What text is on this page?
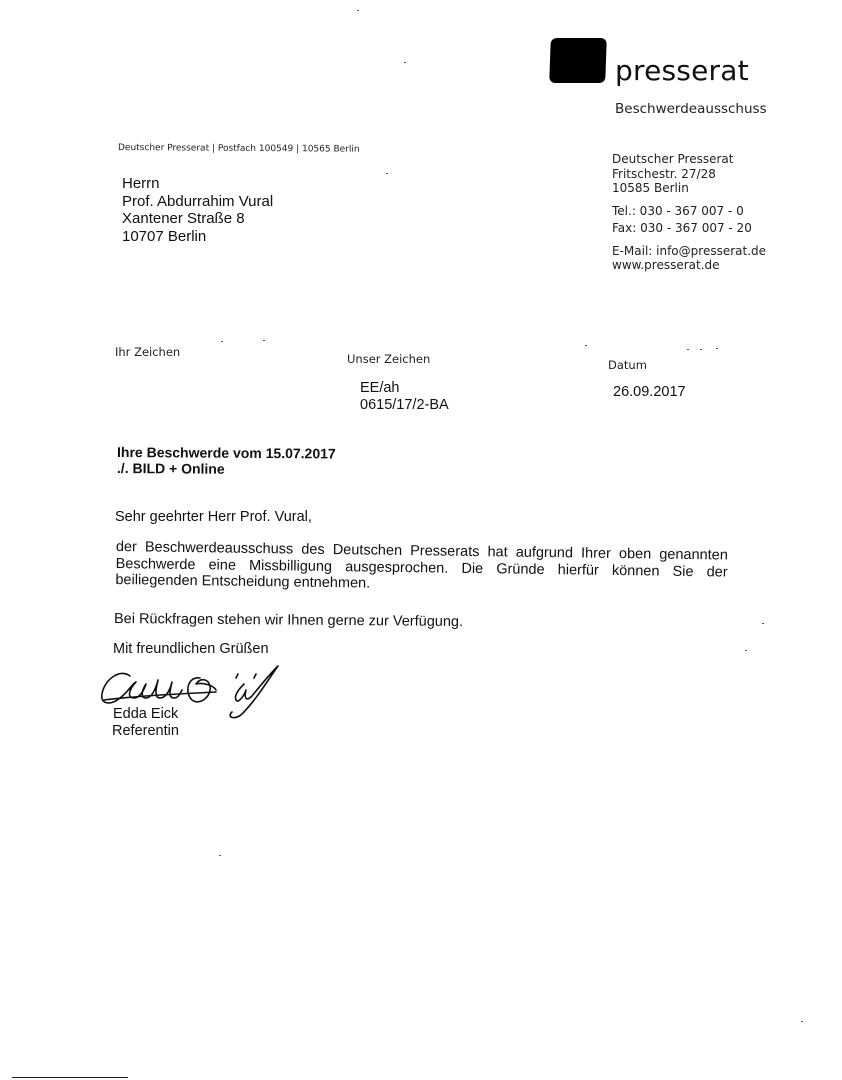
presserat
Beschwerdeausschuss
Deutscher Presserat | Postfach 100549 | 10565 Berlin
Herrn
Prof. Abdurrahim Vural
Xantener Straße 8
10707 Berlin
Deutscher Presserat
Fritschestr. 27/28
10585 Berlin
Tel.: 030 - 367 007 - 0
Fax: 030 - 367 007 - 20
E-Mail: info@presserat.de
www.presserat.de
Ihr Zeichen	Unser Zeichen
EE/ah
0615/17/2-BA
Datum
26.09.2017
Ihre Beschwerde vom 15.07.2017
./. BILD + Online
Sehr geehrter Herr Prof. Vural,
der Beschwerdeausschuss des Deutschen Presserats hat aufgrund Ihrer oben genannten Beschwerde eine Missbilligung ausgesprochen. Die Gründe hierfür können Sie der beiliegenden Entscheidung entnehmen.
Bei Rückfragen stehen wir Ihnen gerne zur Verfügung.
Mit freundlichen Grüßen
Edda Eick
Referentin
